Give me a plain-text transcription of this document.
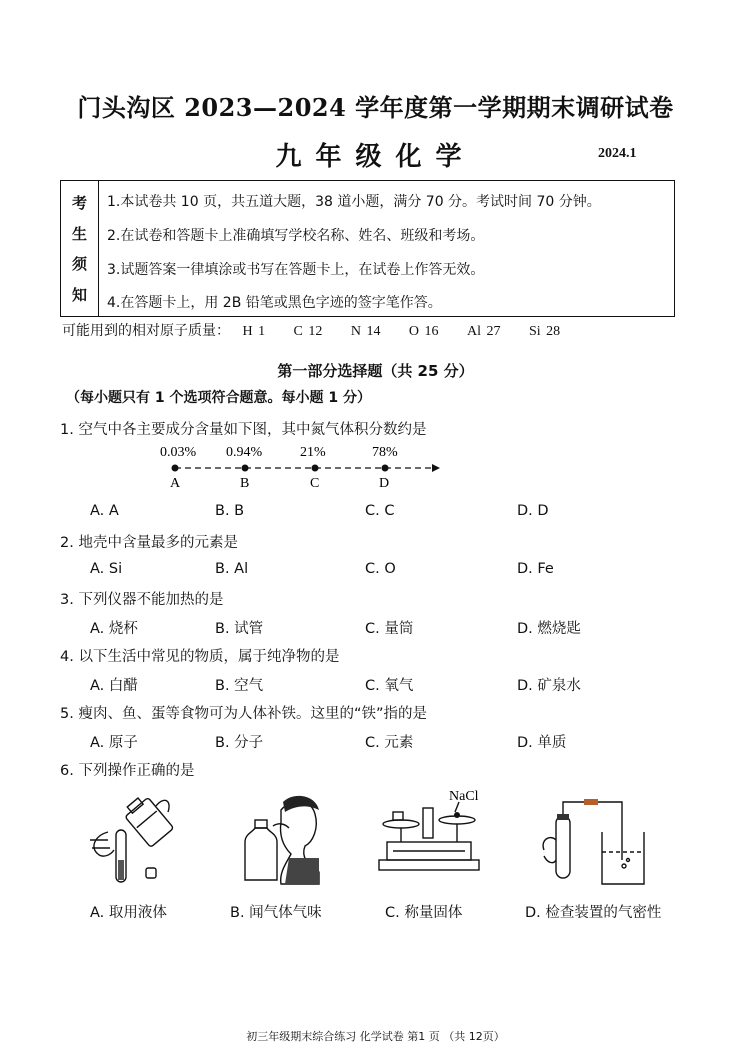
门头沟区 2023—2024 学年度第一学期期末调研试卷
九年级化学	2024.1
考
生
须
知
1.本试卷共 10 页，共五道大题，38 道小题，满分 70 分。考试时间 70 分钟。
2.在试卷和答题卡上准确填写学校名称、姓名、班级和考场。
3.试题答案一律填涂或书写在答题卡上，在试卷上作答无效。
4.在答题卡上，用 2B 铅笔或黑色字迹的签字笔作答。
可能用到的相对原子质量： H 1 C 12 N 14 O 16 Al 27 Si 28
第一部分选择题（共 25 分）
（每小题只有 1 个选项符合题意。每小题 1 分）
1. 空气中各主要成分含量如下图，其中氮气体积分数约是
0.03% 0.94%	21%	78%
A	B	C	D
A. A	B. B	C. C	D. D
2. 地壳中含量最多的元素是
A. Si	B. Al	C. O	D. Fe
3. 下列仪器不能加热的是
A. 烧杯	B. 试管	C. 量筒	D. 燃烧匙
4. 以下生活中常见的物质，属于纯净物的是
A. 白醋	B. 空气	C. 氧气	D. 矿泉水
5. 瘦肉、鱼、蛋等食物可为人体补铁。这里的“铁”指的是
A. 原子	B. 分子	C. 元素	D. 单质
6. 下列操作正确的是
NaCl
A. 取用液体	B. 闻气体气味	C. 称量固体	D. 检查装置的气密性
初三年级期末综合练习 化学试卷 第1 页 （共 12页）
